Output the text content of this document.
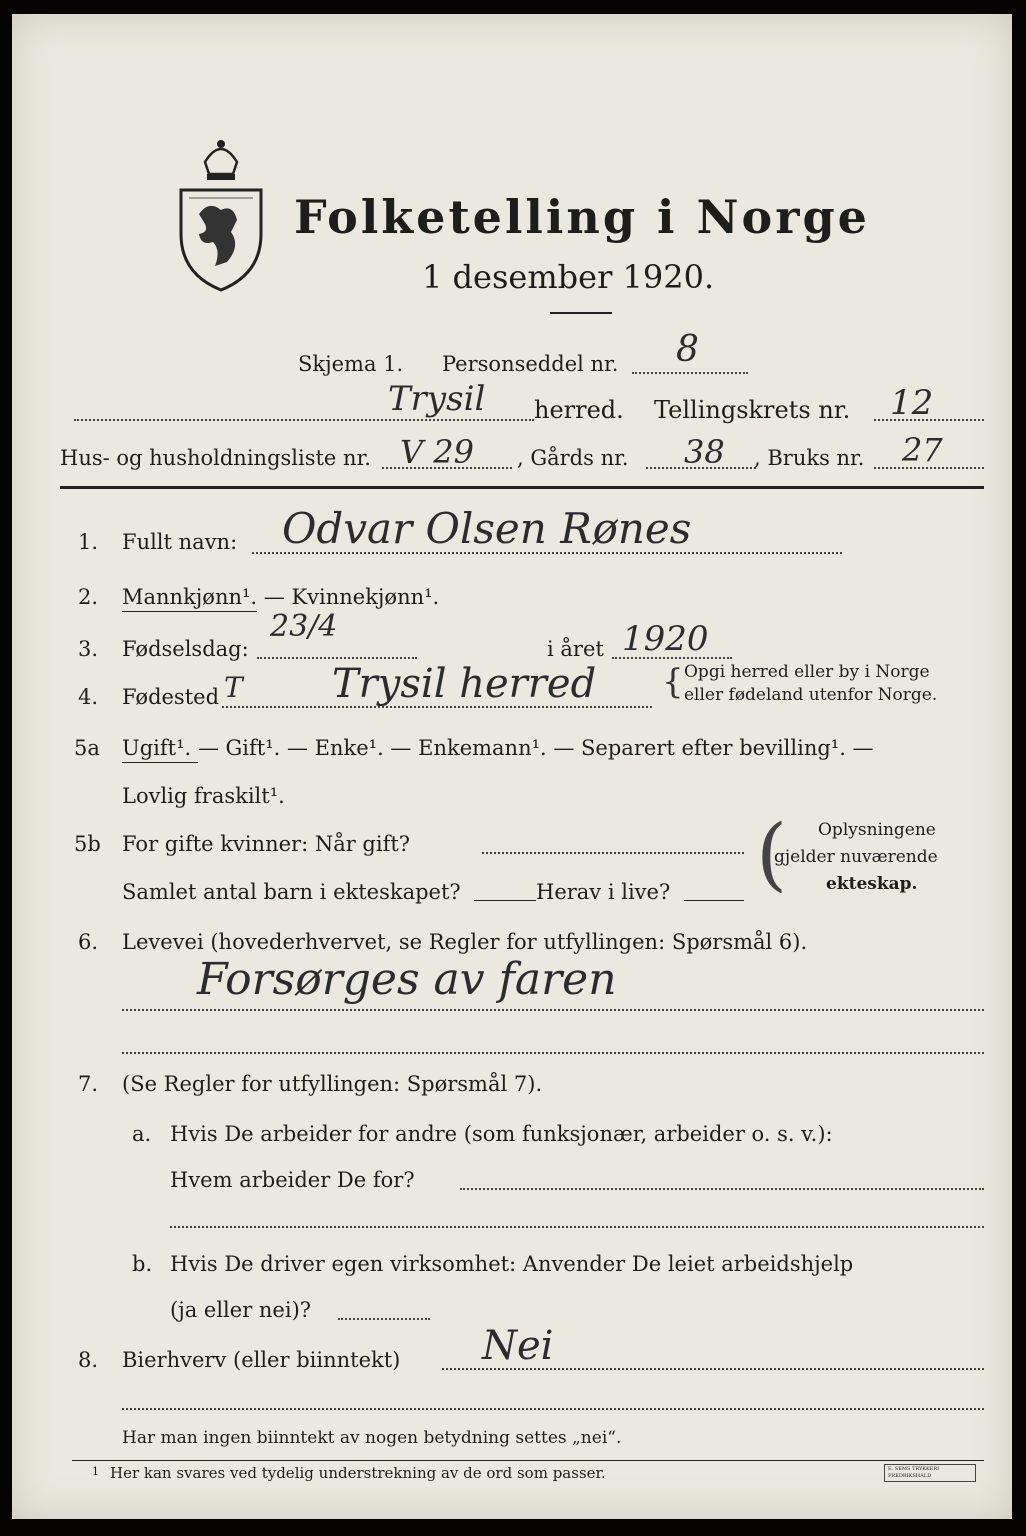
Folketelling i Norge
1 desember 1920.
Skjema 1. Personseddel nr. 8
Trysil herred. Tellingskrets nr. 12
Hus- og husholdningsliste nr. V 29 , Gårds nr. 38 , Bruks nr. 27
1. Fullt navn: Odvar Olsen Rønes
2. Mannkjønn¹. — Kvinnekjønn¹.
3. Fødselsdag:
23/4
i året 1920
4. Fødested T Trysil herred { Opgi herred eller by i Norge
eller fødeland utenfor Norge.
5a Ugift¹. — Gift¹. — Enke¹. — Enkemann¹. — Separert efter bevilling¹. —
Lovlig fraskilt¹.
5b For gifte kvinner: Når gift?
Samlet antal barn i ekteskapet?	Herav i live? ( Oplysningene
gjelder nuværende
ekteskap.
6. Levevei (hovederhvervet, se Regler for utfyllingen: Spørsmål 6).
Forsørges av faren
7. (Se Regler for utfyllingen: Spørsmål 7).
a. Hvis De arbeider for andre (som funksjonær, arbeider o. s. v.):
Hvem arbeider De for?
b. Hvis De driver egen virksomhet: Anvender De leiet arbeidshjelp
(ja eller nei)?
8. Bierhverv (eller biinntekt) Nei
Har man ingen biinntekt av nogen betydning settes „nei“.
1 Her kan svares ved tydelig understrekning av de ord som passer.	E. SEMS TRYKKERI FREDRIKSHALD
